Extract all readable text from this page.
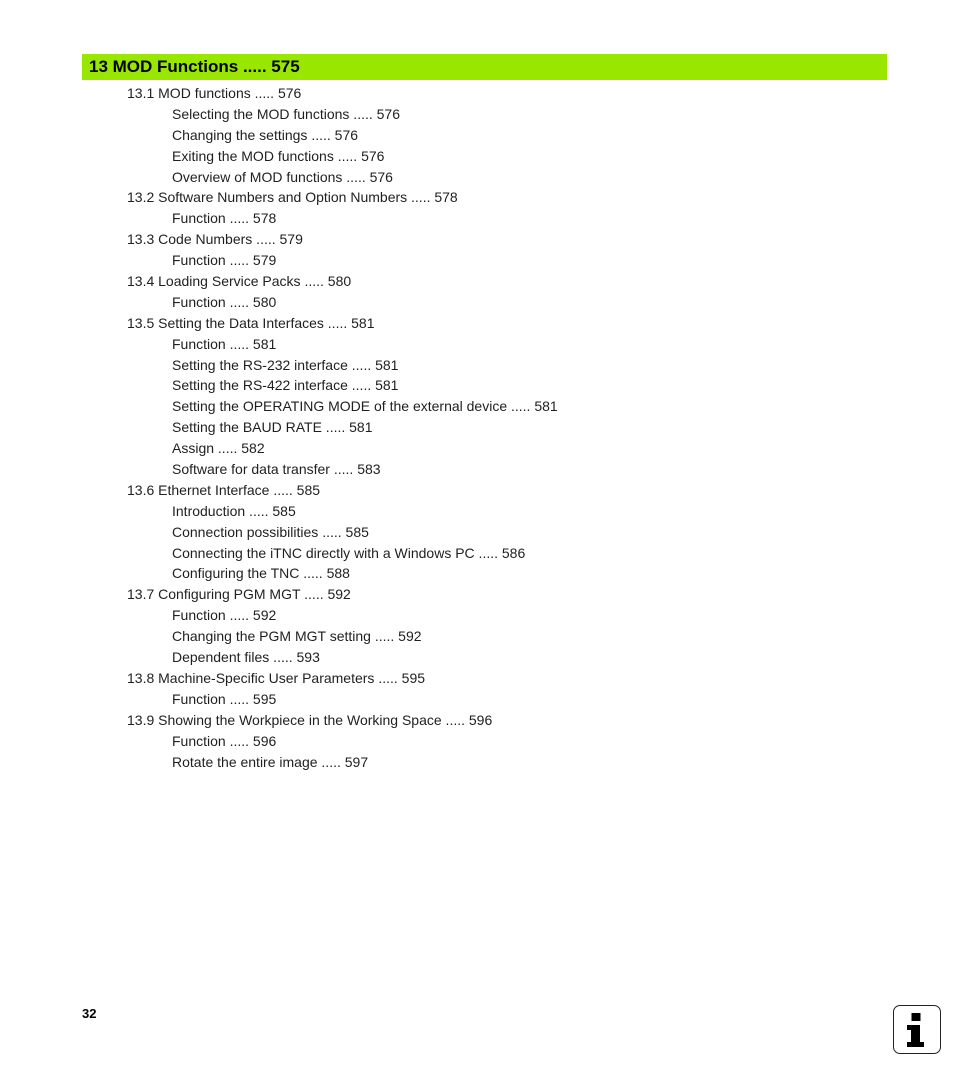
13 MOD Functions ..... 575
13.1 MOD functions ..... 576
Selecting the MOD functions ..... 576
Changing the settings ..... 576
Exiting the MOD functions ..... 576
Overview of MOD functions ..... 576
13.2 Software Numbers and Option Numbers ..... 578
Function ..... 578
13.3 Code Numbers ..... 579
Function ..... 579
13.4 Loading Service Packs ..... 580
Function ..... 580
13.5 Setting the Data Interfaces ..... 581
Function ..... 581
Setting the RS-232 interface ..... 581
Setting the RS-422 interface ..... 581
Setting the OPERATING MODE of the external device ..... 581
Setting the BAUD RATE ..... 581
Assign ..... 582
Software for data transfer ..... 583
13.6 Ethernet Interface ..... 585
Introduction ..... 585
Connection possibilities ..... 585
Connecting the iTNC directly with a Windows PC ..... 586
Configuring the TNC ..... 588
13.7 Configuring PGM MGT ..... 592
Function ..... 592
Changing the PGM MGT setting ..... 592
Dependent files ..... 593
13.8 Machine-Specific User Parameters ..... 595
Function ..... 595
13.9 Showing the Workpiece in the Working Space ..... 596
Function ..... 596
Rotate the entire image ..... 597
32
